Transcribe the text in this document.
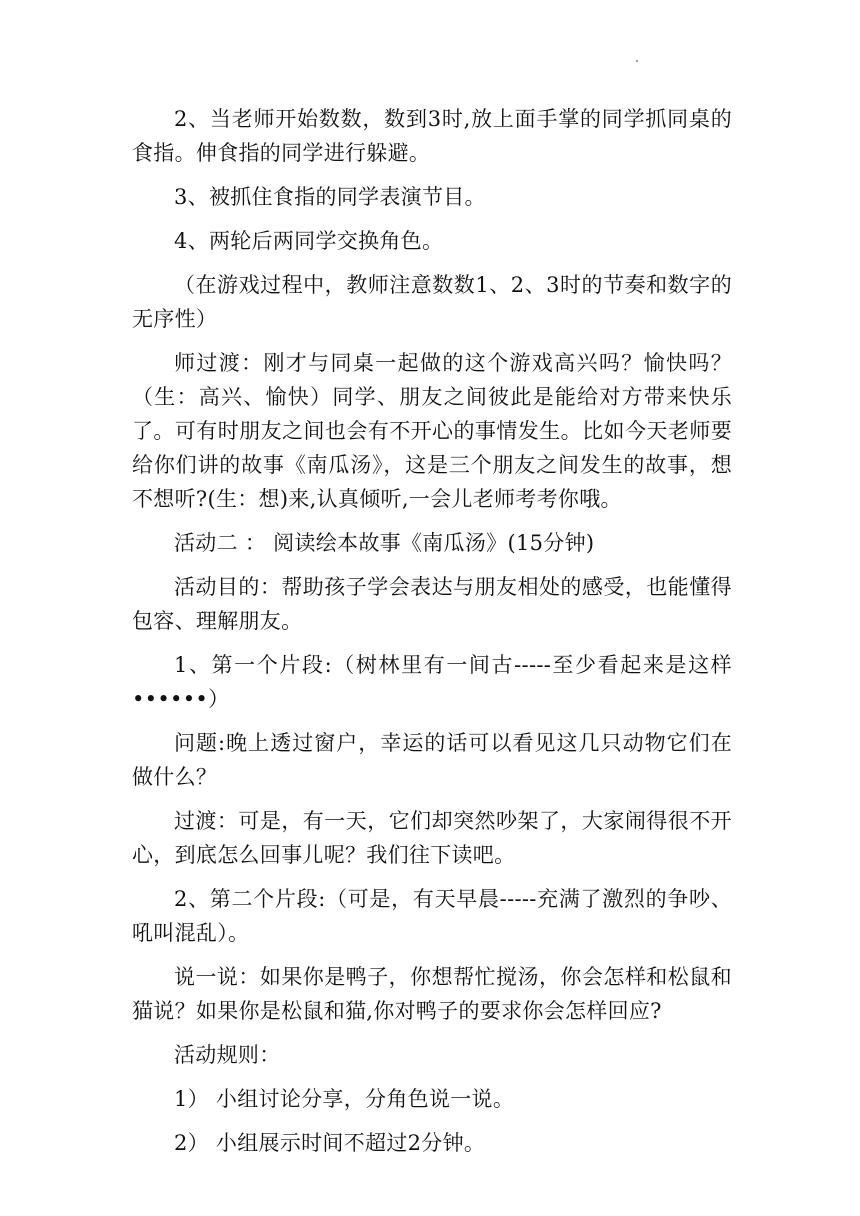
2、当老师开始数数，数到3时,放上面手掌的同学抓同桌的食指。伸食指的同学进行躲避。

3、被抓住食指的同学表演节目。

4、两轮后两同学交换角色。

（在游戏过程中，教师注意数数1、2、3时的节奏和数字的无序性）

师过渡：刚才与同桌一起做的这个游戏高兴吗？愉快吗？（生：高兴、愉快）同学、朋友之间彼此是能给对方带来快乐了。可有时朋友之间也会有不开心的事情发生。比如今天老师要给你们讲的故事《南瓜汤》，这是三个朋友之间发生的故事，想不想听?(生：想)来,认真倾听,一会儿老师考考你哦。

活动二 ： 阅读绘本故事《南瓜汤》(15分钟)

活动目的：帮助孩子学会表达与朋友相处的感受，也能懂得包容、理解朋友。

1、第一个片段:（树林里有一间古-----至少看起来是这样••••••）

问题:晚上透过窗户，幸运的话可以看见这几只动物它们在做什么？

过渡：可是，有一天，它们却突然吵架了，大家闹得很不开心，到底怎么回事儿呢？我们往下读吧。

2、第二个片段:（可是，有天早晨-----充满了激烈的争吵、吼叫混乱）。

说一说：如果你是鸭子，你想帮忙搅汤，你会怎样和松鼠和猫说？如果你是松鼠和猫,你对鸭子的要求你会怎样回应?

活动规则：

1） 小组讨论分享，分角色说一说。

2） 小组展示时间不超过2分钟。
